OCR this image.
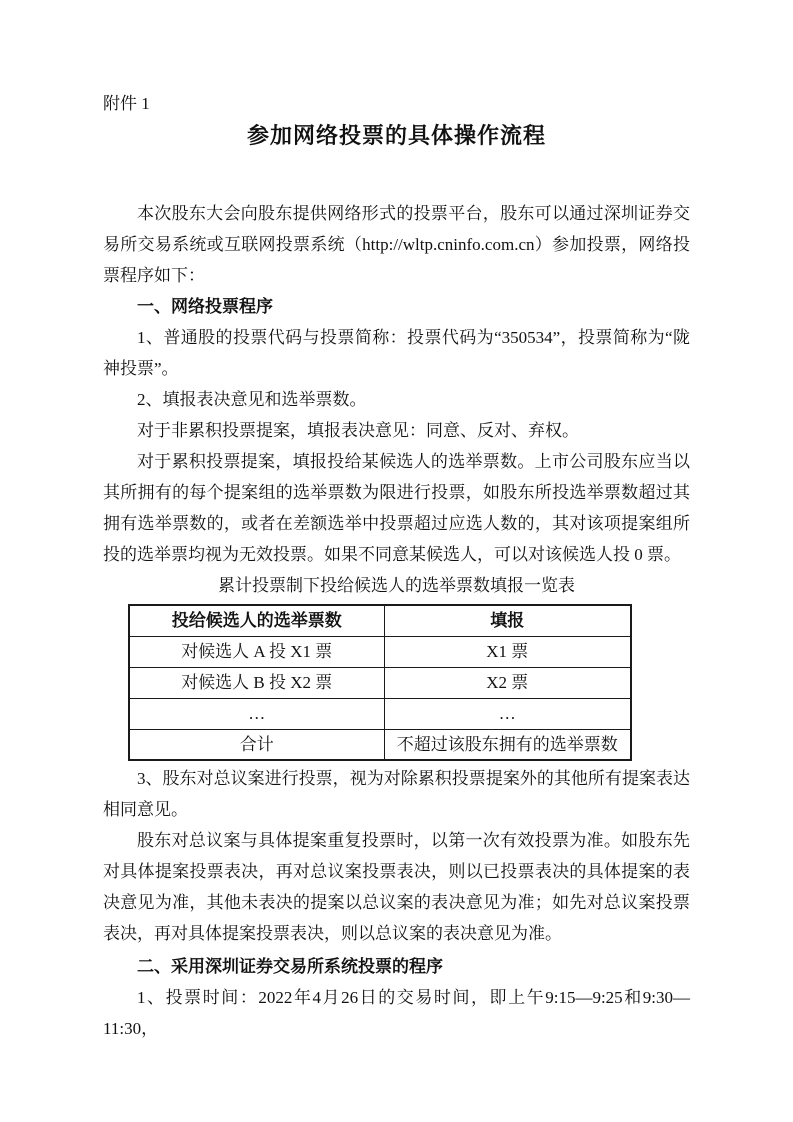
附件 1
参加网络投票的具体操作流程

本次股东大会向股东提供网络形式的投票平台，股东可以通过深圳证券交易所交易系统或互联网投票系统（http://wltp.cninfo.com.cn）参加投票，网络投票程序如下：

一、网络投票程序

1、普通股的投票代码与投票简称：投票代码为“350534”，投票简称为“陇神投票”。

2、填报表决意见和选举票数。

对于非累积投票提案，填报表决意见：同意、反对、弃权。

对于累积投票提案，填报投给某候选人的选举票数。上市公司股东应当以其所拥有的每个提案组的选举票数为限进行投票，如股东所投选举票数超过其拥有选举票数的，或者在差额选举中投票超过应选人数的，其对该项提案组所投的选举票均视为无效投票。如果不同意某候选人，可以对该候选人投 0 票。

累计投票制下投给候选人的选举票数填报一览表

投给候选人的选举票数	填报
对候选人 A 投 X1 票	X1 票
对候选人 B 投 X2 票	X2 票
…	…
合计	不超过该股东拥有的选举票数

3、股东对总议案进行投票，视为对除累积投票提案外的其他所有提案表达相同意见。

股东对总议案与具体提案重复投票时，以第一次有效投票为准。如股东先对具体提案投票表决，再对总议案投票表决，则以已投票表决的具体提案的表决意见为准，其他未表决的提案以总议案的表决意见为准；如先对总议案投票表决，再对具体提案投票表决，则以总议案的表决意见为准。

二、采用深圳证券交易所系统投票的程序

1、投票时间：2022年4月26日的交易时间，即上午9:15—9:25和9:30—11:30，
